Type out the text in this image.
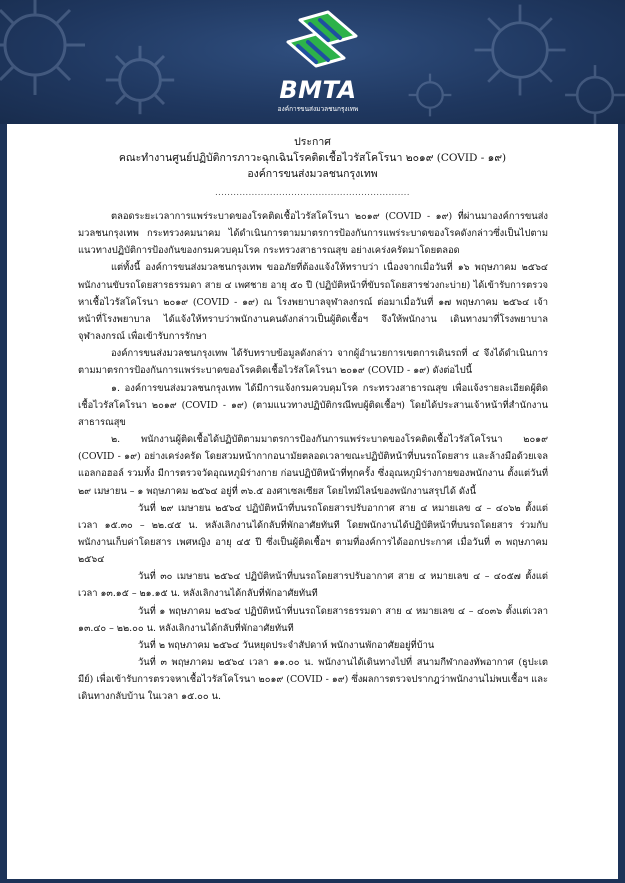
BMTA
องค์การขนส่งมวลชนกรุงเทพ
ประกาศ
คณะทำงานศูนย์ปฏิบัติการภาวะฉุกเฉินโรคติดเชื้อไวรัสโคโรนา ๒๐๑๙ (COVID - ๑๙)
องค์การขนส่งมวลชนกรุงเทพ
................................................................

ตลอดระยะเวลาการแพร่ระบาดของโรคติดเชื้อไวรัสโคโรนา ๒๐๑๙ (COVID - ๑๙) ที่ผ่านมาองค์การขนส่งมวลชนกรุงเทพ กระทรวงคมนาคม ได้ดำเนินการตามมาตรการป้องกันการแพร่ระบาดของโรคดังกล่าวซึ่งเป็นไปตามแนวทางปฏิบัติการป้องกันของกรมควบคุมโรค กระทรวงสาธารณสุข อย่างเคร่งครัดมาโดยตลอด

แต่ทั้งนี้ องค์การขนส่งมวลชนกรุงเทพ ขออภัยที่ต้องแจ้งให้ทราบว่า เนื่องจากเมื่อวันที่ ๑๖ พฤษภาคม ๒๕๖๔ พนักงานขับรถโดยสารธรรมดา สาย ๔ เพศชาย อายุ ๕๐ ปี (ปฏิบัติหน้าที่ขับรถโดยสารช่วงกะบ่าย) ได้เข้ารับการตรวจหาเชื้อไวรัสโคโรนา ๒๐๑๙ (COVID - ๑๙) ณ โรงพยาบาลจุฬาลงกรณ์ ต่อมาเมื่อวันที่ ๑๗ พฤษภาคม ๒๕๖๔ เจ้าหน้าที่โรงพยาบาล ได้แจ้งให้ทราบว่าพนักงานคนดังกล่าวเป็นผู้ติดเชื้อฯ จึงให้พนักงาน เดินทางมาที่โรงพยาบาลจุฬาลงกรณ์ เพื่อเข้ารับการรักษา

องค์การขนส่งมวลชนกรุงเทพ ได้รับทราบข้อมูลดังกล่าว จากผู้อำนวยการเขตการเดินรถที่ ๔ จึงได้ดำเนินการตามมาตรการป้องกันการแพร่ระบาดของโรคติดเชื้อไวรัสโคโรนา ๒๐๑๙ (COVID - ๑๙) ดังต่อไปนี้

๑. องค์การขนส่งมวลชนกรุงเทพ ได้มีการแจ้งกรมควบคุมโรค กระทรวงสาธารณสุข เพื่อแจ้งรายละเอียดผู้ติดเชื้อไวรัสโคโรนา ๒๐๑๙ (COVID - ๑๙) (ตามแนวทางปฏิบัติกรณีพบผู้ติดเชื้อฯ) โดยได้ประสานเจ้าหน้าที่สำนักงานสาธารณสุข

๒. พนักงานผู้ติดเชื้อได้ปฏิบัติตามมาตรการป้องกันการแพร่ระบาดของโรคติดเชื้อไวรัสโคโรนา ๒๐๑๙ (COVID - ๑๙) อย่างเคร่งครัด โดยสวมหน้ากากอนามัยตลอดเวลาขณะปฏิบัติหน้าที่บนรถโดยสาร และล้างมือด้วยเจลแอลกอฮอล์ รวมทั้ง มีการตรวจวัดอุณหภูมิร่างกาย ก่อนปฏิบัติหน้าที่ทุกครั้ง ซึ่งอุณหภูมิร่างกายของพนักงาน ตั้งแต่วันที่ ๒๙ เมษายน – ๑ พฤษภาคม ๒๕๖๔ อยู่ที่ ๓๖.๕ องศาเซลเซียส โดยไทม์ไลน์ของพนักงานสรุปได้ ดังนี้

วันที่ ๒๙ เมษายน ๒๕๖๔ ปฏิบัติหน้าที่บนรถโดยสารปรับอากาศ สาย ๔ หมายเลข ๔ – ๔๐๖๒ ตั้งแต่เวลา ๑๕.๓๐ – ๒๒.๔๕ น. หลังเลิกงานได้กลับที่พักอาศัยทันที โดยพนักงานได้ปฏิบัติหน้าที่บนรถโดยสาร ร่วมกับพนักงานเก็บค่าโดยสาร เพศหญิง อายุ ๔๕ ปี ซึ่งเป็นผู้ติดเชื้อฯ ตามที่องค์การได้ออกประกาศ เมื่อวันที่ ๓ พฤษภาคม ๒๕๖๔

วันที่ ๓๐ เมษายน ๒๕๖๔ ปฏิบัติหน้าที่บนรถโดยสารปรับอากาศ สาย ๔ หมายเลข ๔ – ๔๐๕๗ ตั้งแต่เวลา ๑๓.๑๕ – ๒๑.๑๕ น. หลังเลิกงานได้กลับที่พักอาศัยทันที

วันที่ ๑ พฤษภาคม ๒๕๖๔ ปฏิบัติหน้าที่บนรถโดยสารธรรมดา สาย ๔ หมายเลข ๔ – ๔๐๓๖ ตั้งแต่เวลา ๑๓.๔๐ – ๒๒.๐๐ น. หลังเลิกงานได้กลับที่พักอาศัยทันที

วันที่ ๒ พฤษภาคม ๒๕๖๔ วันหยุดประจำสัปดาห์ พนักงานพักอาศัยอยู่ที่บ้าน

วันที่ ๓ พฤษภาคม ๒๕๖๔ เวลา ๑๑.๐๐ น. พนักงานได้เดินทางไปที่ สนามกีฬากองทัพอากาศ (ธูปะเตมีย์) เพื่อเข้ารับการตรวจหาเชื้อไวรัสโคโรนา ๒๐๑๙ (COVID - ๑๙) ซึ่งผลการตรวจปรากฎว่าพนักงานไม่พบเชื้อฯ และเดินทางกลับบ้าน ในเวลา ๑๕.๐๐ น.
